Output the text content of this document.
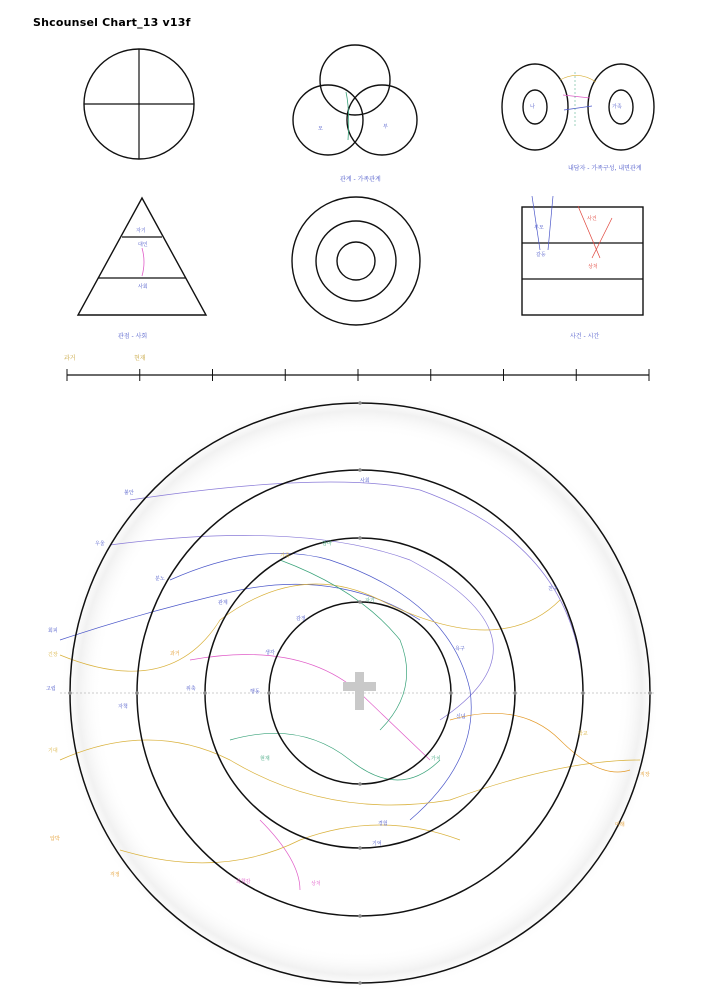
Shcounsel Chart_13 v13f
모	부
관계 - 가족관계
나	가족
내담자 - 가족구성, 내면관계
자기
대인
사회
관점 - 사회
부모
사건
갈등
상처
사건 - 시간
과거	현재
불안
우울
분노
회피
긴장
고립
자책
위축
기대
압박
걱정
죄책감	상처
기억
경험
관계
가족
엄마
사회
자기
감정
생각
행동
욕구
신념
가치
친구
학교
직장
미래
과거
현재
